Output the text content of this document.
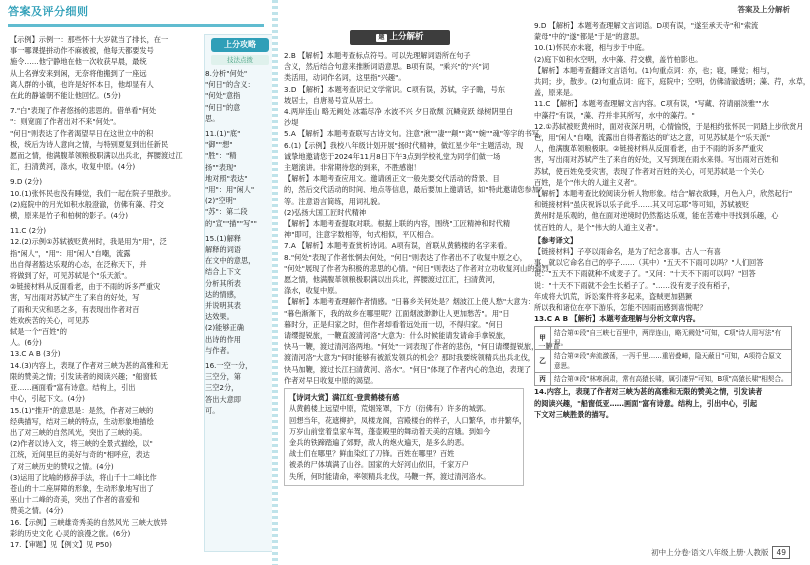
答案及评分细则
【示例】示例一：那些怀十大岁就当了排长，在一
事一哪课提拼动作不麻被被，他每天都要发号
施令……他宁静地在他一次收获早晨，最统
从上名弹安来到闲，无奈将他搬到了一座远
离人群的小镇，也许是好怀本日，他却显有人
在此的静谧朝不能让他回忆。(5分)
7."白"表现了作者悠扬的悲思的。借单看"何处
"：则宽面了作者出对不来"何处"。
"何日"则表达了作者渴望早日在这世立中的积
极，统后为诗人意向之情，与特别夏复到出任新民
愿而之情，他满腹革领粮极职满以出兵北，挥腰渡过江
汇，扫清黄河，涤水，收复中原。(4分)
9.D (2分)
10.(1)张怀民也没有睡觉，我们一起在院子里散步。
(2)庭院中的月光如积水般澄澈，仿佛有藻、荇交
横，原来是竹子和柏树的影子。(4分)
11.C (2分)
12.(2)示例①苏轼被贬黄州时，我是用为"用"，泛
指"闲人"，"用"：用"闲人"自嘲，流露
出自得者豁达乐观的心态，在泛称天下，并
将做到了好，可见苏轼是个"乐天派"。
②链接材料从反面看老，由于不雨的诉多严重灾
害，写出雨对苏轼产生了来自的好处，写
了雨和天灾和恶之多，有表现出作者对百
姓欢疾苦的关心，可见苏
轼是一个"百姓"的
人。(6分)
13.C A B (3分)
14.(3)内容上，表现了作者对三峡为甚的高雅和无
限的赞美之情；引发读者的阅读兴趣；"船窗低
亚……画面看"富有诗意。结构上，引出
中心，引起下文。(4分)
15.(1)"推开"的意思是：是然，作者对三峡的
经典描写，结对三峡的特点，生动形象地描绘
出了对三峡的自然风光，突出了三峡的美。
(2)作者以诗入文，将三峡的全景式描绘，以"
江统，近间里巨的美好与奇的"相呼应，表达
了对三峡历史的赞叹之情。(4分)
(3)运用了比喻的修辞手法，将山千十二峰比作
苍山的十二座屏障的形象，生动形象地写出了
巫山十二峰的奇美，突出了作者的喜爱和
赞美之情。(4分)
16.【示例】三峡雄奇秀美的自然风光 三峡大放异
彩的历史文化 心灵的浪漫之旅。(6分)
17.【审题】见【例文】见 P50)
上分攻略
技法点拨
8.分析"何处"
"何日"的含义：
"何处"意指
"何日"的意
思。
11.(1)"底"
"御""想"
"胜"："精
扬""表现"
地对照"表达"
"用"：用"闲人"
(2)"空明"
"苏"：第二段
的"宣""描""写""
15.(1)解释
解释的词语
在文中的意思，
结合上下文
分析其所表
达的情感，
并说明其表
达效果。
(2)能够正确
出诗的作用
与作者。
16.一空一分，
三空分，第
三空2分，
答出大意即
可。
题 上分解析
2.B 【解析】本题考查标点符号。可以先理解词语所在句子
含义，然后结合句意来推断词语意思。B项有误，"乘兴"的"兴"词
类活用，动词作名词，这里指"兴趣"。
3.D 【解析】本题考查识记文学常识。C项有误，苏轼，字子瞻，号东
坡居士，自唐易号宣从居士。
4.两岸连山 略无阙处 冰霜尽净 水波不兴 夕日欲颓 沉鳞竞跃 绿树阴里白
沙堤
5.A 【解析】本题考查联写古诗文句。注意"湫""凄""颠""离""婉""魂"等字的书写。
6.(1)【示例】我校八年级计划开展"扬时代精神，做红星少年"主题活动，现
诚挚地邀请您于2024年11月8日下午3点到学校礼堂为同学们做一场
主题演讲。非常期待您的到来，不胜感谢！
【解析】本题考查应用文。邀请函正文一般先要交代活动的背景、目
的，然后交代活动的时间、地点等信息，最后要加上邀请话，如"特此邀请您参加"
等。注意语言简练，用词礼貌。
(2)弘扬大国工匠时代精神
【解析】本题考查提取对联。根据上联的内容，围绕"工匠精神和时代精
神"即可，注意字数相等，句式相似，平仄相合。
7.A 【解析】本题考查赏析诗词。A项有误，首联从黄鹤楼的名字来看。
8."何处"表现了作者怅惘去何处，"何日"则表达了作者出不了收复中原之心，
"何处"展现了作者为积极的悲思的心情。"何日"则表达了作者对立功收复河山的强烈
愿之情，他满腹革领粮极职满以出兵北，挥腰渡过江汇，扫清黄河，
涤水，收复中原。
【解析】本题考查理解作者情感。"日暮乡关何处是？烟波江上使人愁"大意为：
"暮色渐渐下，我的故乡在哪里呢？江面烟波渺渺让人更加愁苦"。用"日
暮时分，正是归家之时，但作者却看着远处而一切，不得归家。"何日
请缨提锐旅，一鞭直渡清河洛"大意为：什么时候能请发请命手拿锐旅，
快马一鞭，渡过清河洛两地。"何处"一词表现了作者的悲伤，"何日请缨提锐旅，一鞭直
渡清河洛"大意为"何时能够有被派发领兵的机会？那时我要统领精兵出兵北伐，
快马加鞭，渡过长江扫清黄河、洛水"。"何日"体现了作者内心的急迫，表现了
作者对早日收复中原的渴望。
【诗词大赏】满江红·登黄鹤楼有感
从黄鹤楼上远望中原，荒烟笼罩，下方（衍佛有）许多的城郭。
回想当年，花遮柳护，凤楼龙阁，宫殿楼台的样子，人口繁华，市井繁华，
万岁山前堂着皇家车驾，蓬壶殿里的舞动着天美的宫娥。到如今
金兵的铁蹄踏遍了郊野，敌人的炮火遍天，是多么的恶。
战士们在哪里？鲜血染红了刀锋。百姓在哪里？百姓
被杀的尸体填满了山谷。国家的大好河山依旧，千家万户
失所，何时能请命，率领精兵北伐，马鞭一挥，渡过清河洛水。
答案及上分解析
9.D 【解析】本题考查理解文言词语。D项有误，"遂至承天寺"和"索流
蒙母"中的"遂"都是"于是"的意思。
10.(1)怀民亦未寝，相与步于中庭。
(2)庭下如积水空明，水中藻、荇交横，盖竹柏影也。
【解析】本题考查翻译文言语句。(1)句重点词：亦，也；寝，睡觉；相与，
共同；步，散步。(2)句重点词：庭下，庭院中；空明，仿佛清澈透明；藻、荇，水草，
盖，原来是。
11.C 【解析】本题考查理解文言内容。C项有误，"写藏、符请丽淡雅""水
中藻荇"有误，"藻、荇并非其所写，水中的藻荇。"
12.①苏轼被贬黄州时，面对夜深月明，心情愉悦，于是相约张怀民一同踏上步欣赏月
色，用"闲人"自嘲，流露出自得者豁达的旷达之意，可见苏轼是个"乐天派"
人，他满腹革领粮极职。②链接材料从反面看老，由于不雨的诉多严重灾
害，写出雨对苏轼产生了来自的好处，又写到现在雨水来得。写出雨对百姓和
苏轼，使百姓免受灾害，表现了作者对百姓的关心，可见苏轼是一个关心
百姓，是个"伟大的人道主义者"。
【解析】本题考查比较阅读分析人物形象。结合"解衣欲睡，月色入户，欣然起行"
和链接材料"虽庆祝诉以乐子此乎……其又可忘耶"等可知，苏轼被贬
黄州时是乐观的，他在面对逆境时仍然豁达乐观，能在苦难中寻找到乐趣，心
忧百姓的人，是个"伟大的人道主义者"。
【参考译文】
【链接材料】子亭以雨命名，是为了纪念喜事。古人一有喜
事，就以它命名自己的亭子……（其中）"五天不下雨可以吗？"人们回答
说："五天不下雨就种不成麦子了。"又问："十天不下雨可以吗？"回答
说："十天不下雨就不会生长稻子了。"……没有麦子没有稻子，
年成将大饥荒，诉讼案件将多起来，盗贼更加猖獗
所以我和诸位在亭下游乐，怎能不因雨而感到喜悦呢？
13.C A B 【解析】本题考查理解与分析文章内容。
甲	结合第①段"自三峡七百里中，两岸连山，略无阙处"可知，C项"诗人用写法"有误。
乙	结合第②段"奔流激荡，一泻千里……重岩叠嶂，隐天蔽日"可知，A项符合原文意思。
丙	结合第③段"林寒涧肃，常有高猿长啸，属引凄异"可知，B项"高猿长啸"相契合。
14.内容上，表现了作者对三峡为甚的高雅和无限的赞美之情，引发读者
的阅读兴趣，"船窗低亚……画面"富有诗意。结构上，引出中心，引起
下文对三峡胜景的描写。
初中上分卷·语文八年级上册·人教版 49
